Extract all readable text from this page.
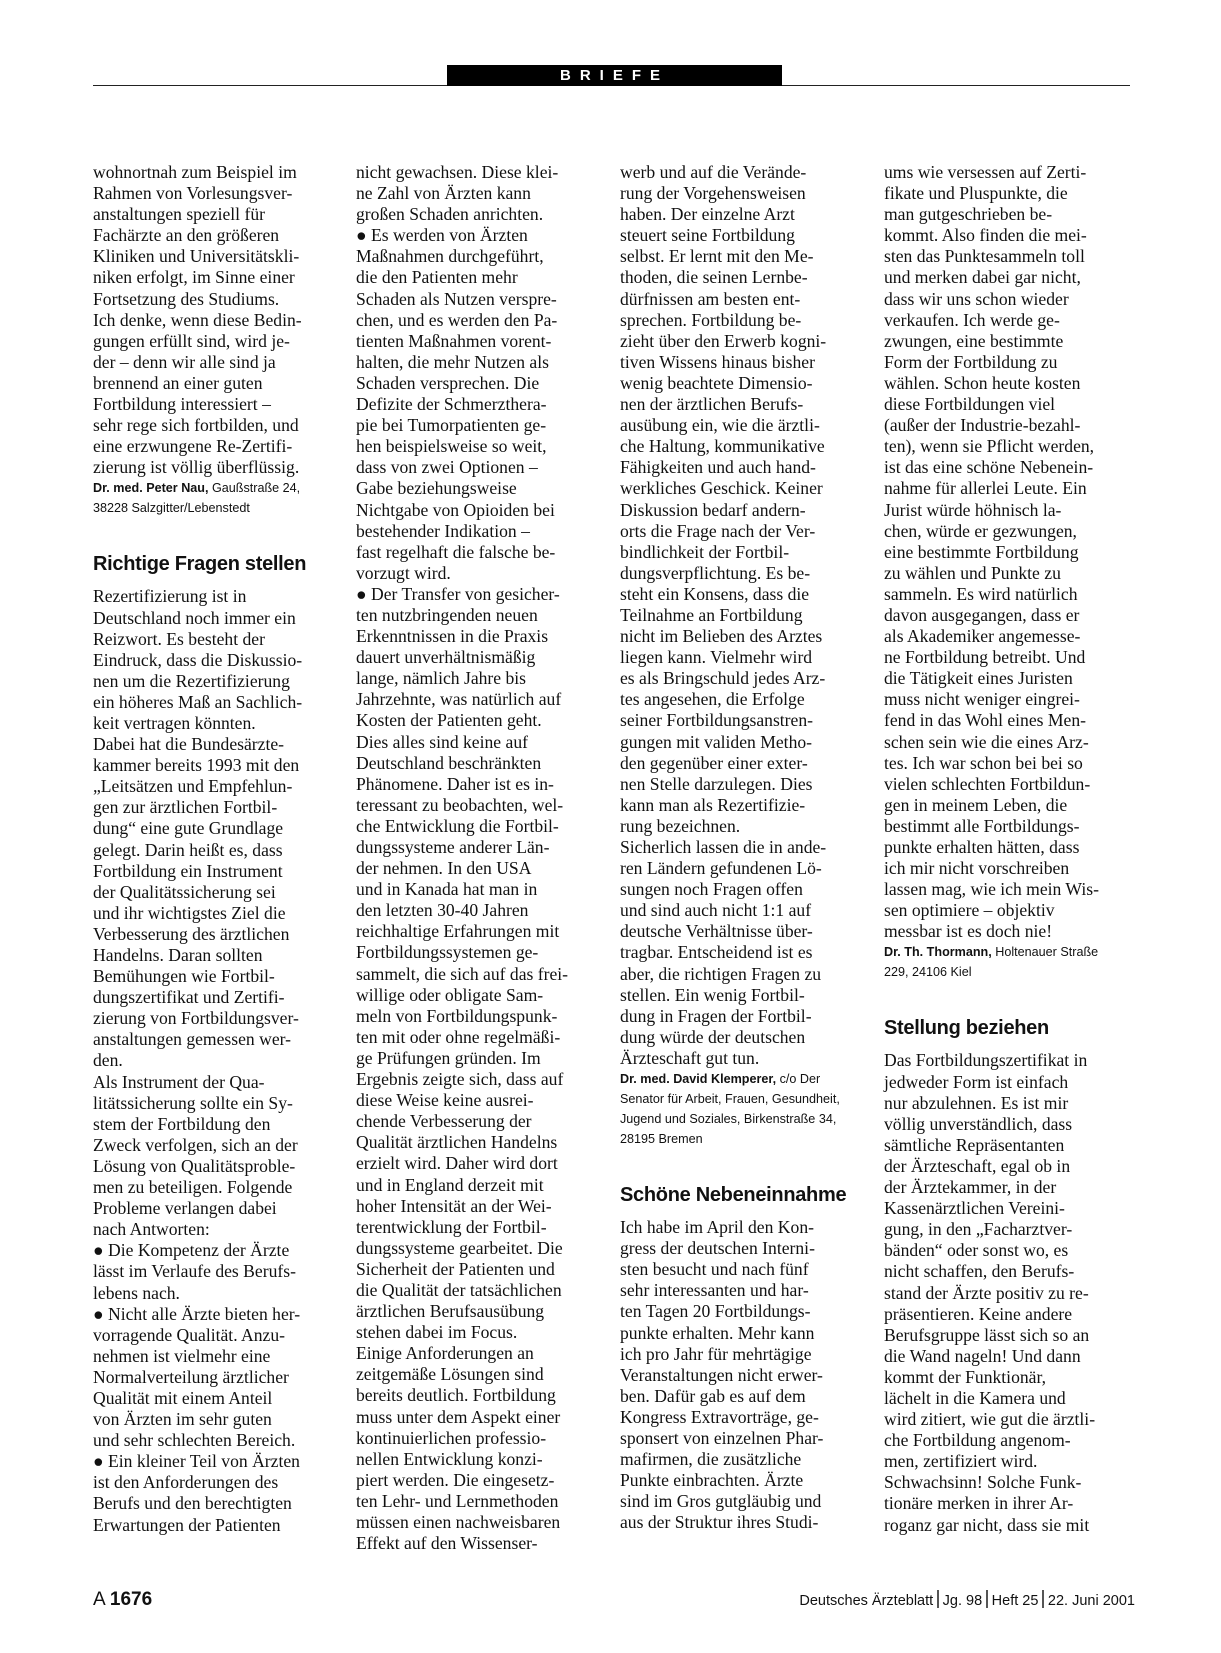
BRIEFE

wohnortnah zum Beispiel im
Rahmen von Vorlesungsver-
anstaltungen speziell für
Fachärzte an den größeren
Kliniken und Universitätskli-
niken erfolgt, im Sinne einer
Fortsetzung des Studiums.
Ich denke, wenn diese Bedin-
gungen erfüllt sind, wird je-
der – denn wir alle sind ja
brennend an einer guten
Fortbildung interessiert –
sehr rege sich fortbilden, und
eine erzwungene Re-Zertifi-
zierung ist völlig überflüssig.

Dr. med. Peter Nau, Gaußstraße 24,
38228 Salzgitter/Lebenstedt
Richtige Fragen stellen

Rezertifizierung ist in
Deutschland noch immer ein
Reizwort. Es besteht der
Eindruck, dass die Diskussio-
nen um die Rezertifizierung
ein höheres Maß an Sachlich-
keit vertragen könnten.
Dabei hat die Bundesärzte-
kammer bereits 1993 mit den
„Leitsätzen und Empfehlun-
gen zur ärztlichen Fortbil-
dung“ eine gute Grundlage
gelegt. Darin heißt es, dass
Fortbildung ein Instrument
der Qualitätssicherung sei
und ihr wichtigstes Ziel die
Verbesserung des ärztlichen
Handelns. Daran sollten
Bemühungen wie Fortbil-
dungszertifikat und Zertifi-
zierung von Fortbildungsver-
anstaltungen gemessen wer-
den.
Als Instrument der Qua-
litätssicherung sollte ein Sy-
stem der Fortbildung den
Zweck verfolgen, sich an der
Lösung von Qualitätsproble-
men zu beteiligen. Folgende
Probleme verlangen dabei
nach Antworten:
● Die Kompetenz der Ärzte
lässt im Verlaufe des Berufs-
lebens nach.
● Nicht alle Ärzte bieten her-
vorragende Qualität. Anzu-
nehmen ist vielmehr eine
Normalverteilung ärztlicher
Qualität mit einem Anteil
von Ärzten im sehr guten
und sehr schlechten Bereich.
● Ein kleiner Teil von Ärzten
ist den Anforderungen des
Berufs und den berechtigten
Erwartungen der Patienten

nicht gewachsen. Diese klei-
ne Zahl von Ärzten kann
großen Schaden anrichten.
● Es werden von Ärzten
Maßnahmen durchgeführt,
die den Patienten mehr
Schaden als Nutzen verspre-
chen, und es werden den Pa-
tienten Maßnahmen vorent-
halten, die mehr Nutzen als
Schaden versprechen. Die
Defizite der Schmerzthera-
pie bei Tumorpatienten ge-
hen beispielsweise so weit,
dass von zwei Optionen –
Gabe beziehungsweise
Nichtgabe von Opioiden bei
bestehender Indikation –
fast regelhaft die falsche be-
vorzugt wird.
● Der Transfer von gesicher-
ten nutzbringenden neuen
Erkenntnissen in die Praxis
dauert unverhältnismäßig
lange, nämlich Jahre bis
Jahrzehnte, was natürlich auf
Kosten der Patienten geht.
Dies alles sind keine auf
Deutschland beschränkten
Phänomene. Daher ist es in-
teressant zu beobachten, wel-
che Entwicklung die Fortbil-
dungssysteme anderer Län-
der nehmen. In den USA
und in Kanada hat man in
den letzten 30-40 Jahren
reichhaltige Erfahrungen mit
Fortbildungssystemen ge-
sammelt, die sich auf das frei-
willige oder obligate Sam-
meln von Fortbildungspunk-
ten mit oder ohne regelmäßi-
ge Prüfungen gründen. Im
Ergebnis zeigte sich, dass auf
diese Weise keine ausrei-
chende Verbesserung der
Qualität ärztlichen Handelns
erzielt wird. Daher wird dort
und in England derzeit mit
hoher Intensität an der Wei-
terentwicklung der Fortbil-
dungssysteme gearbeitet. Die
Sicherheit der Patienten und
die Qualität der tatsächlichen
ärztlichen Berufsausübung
stehen dabei im Focus.
Einige Anforderungen an
zeitgemäße Lösungen sind
bereits deutlich. Fortbildung
muss unter dem Aspekt einer
kontinuierlichen professio-
nellen Entwicklung konzi-
piert werden. Die eingesetz-
ten Lehr- und Lernmethoden
müssen einen nachweisbaren
Effekt auf den Wissenser-

werb und auf die Verände-
rung der Vorgehensweisen
haben. Der einzelne Arzt
steuert seine Fortbildung
selbst. Er lernt mit den Me-
thoden, die seinen Lernbe-
dürfnissen am besten ent-
sprechen. Fortbildung be-
zieht über den Erwerb kogni-
tiven Wissens hinaus bisher
wenig beachtete Dimensio-
nen der ärztlichen Berufs-
ausübung ein, wie die ärztli-
che Haltung, kommunikative
Fähigkeiten und auch hand-
werkliches Geschick. Keiner
Diskussion bedarf andern-
orts die Frage nach der Ver-
bindlichkeit der Fortbil-
dungsverpflichtung. Es be-
steht ein Konsens, dass die
Teilnahme an Fortbildung
nicht im Belieben des Arztes
liegen kann. Vielmehr wird
es als Bringschuld jedes Arz-
tes angesehen, die Erfolge
seiner Fortbildungsanstren-
gungen mit validen Metho-
den gegenüber einer exter-
nen Stelle darzulegen. Dies
kann man als Rezertifizie-
rung bezeichnen.
Sicherlich lassen die in ande-
ren Ländern gefundenen Lö-
sungen noch Fragen offen
und sind auch nicht 1:1 auf
deutsche Verhältnisse über-
tragbar. Entscheidend ist es
aber, die richtigen Fragen zu
stellen. Ein wenig Fortbil-
dung in Fragen der Fortbil-
dung würde der deutschen
Ärzteschaft gut tun.

Dr. med. David Klemperer, c/o Der
Senator für Arbeit, Frauen, Gesundheit,
Jugend und Soziales, Birkenstraße 34,
28195 Bremen
Schöne Nebeneinnahme

Ich habe im April den Kon-
gress der deutschen Interni-
sten besucht und nach fünf
sehr interessanten und har-
ten Tagen 20 Fortbildungs-
punkte erhalten. Mehr kann
ich pro Jahr für mehrtägige
Veranstaltungen nicht erwer-
ben. Dafür gab es auf dem
Kongress Extravorträge, ge-
sponsert von einzelnen Phar-
mafirmen, die zusätzliche
Punkte einbrachten. Ärzte
sind im Gros gutgläubig und
aus der Struktur ihres Studi-

ums wie versessen auf Zerti-
fikate und Pluspunkte, die
man gutgeschrieben be-
kommt. Also finden die mei-
sten das Punktesammeln toll
und merken dabei gar nicht,
dass wir uns schon wieder
verkaufen. Ich werde ge-
zwungen, eine bestimmte
Form der Fortbildung zu
wählen. Schon heute kosten
diese Fortbildungen viel
(außer der Industrie-bezahl-
ten), wenn sie Pflicht werden,
ist das eine schöne Nebenein-
nahme für allerlei Leute. Ein
Jurist würde höhnisch la-
chen, würde er gezwungen,
eine bestimmte Fortbildung
zu wählen und Punkte zu
sammeln. Es wird natürlich
davon ausgegangen, dass er
als Akademiker angemesse-
ne Fortbildung betreibt. Und
die Tätigkeit eines Juristen
muss nicht weniger eingrei-
fend in das Wohl eines Men-
schen sein wie die eines Arz-
tes. Ich war schon bei bei so
vielen schlechten Fortbildun-
gen in meinem Leben, die
bestimmt alle Fortbildungs-
punkte erhalten hätten, dass
ich mir nicht vorschreiben
lassen mag, wie ich mein Wis-
sen optimiere – objektiv
messbar ist es doch nie!

Dr. Th. Thormann, Holtenauer Straße
229, 24106 Kiel
Stellung beziehen

Das Fortbildungszertifikat in
jedweder Form ist einfach
nur abzulehnen. Es ist mir
völlig unverständlich, dass
sämtliche Repräsentanten
der Ärzteschaft, egal ob in
der Ärztekammer, in der
Kassenärztlichen Vereini-
gung, in den „Facharztver-
bänden“ oder sonst wo, es
nicht schaffen, den Berufs-
stand der Ärzte positiv zu re-
präsentieren. Keine andere
Berufsgruppe lässt sich so an
die Wand nageln! Und dann
kommt der Funktionär,
lächelt in die Kamera und
wird zitiert, wie gut die ärztli-
che Fortbildung angenom-
men, zertifiziert wird.
Schwachsinn! Solche Funk-
tionäre merken in ihrer Ar-
roganz gar nicht, dass sie mit

A 1676	Deutsches Ärzteblatt Jg. 98 Heft 25 22. Juni 2001
